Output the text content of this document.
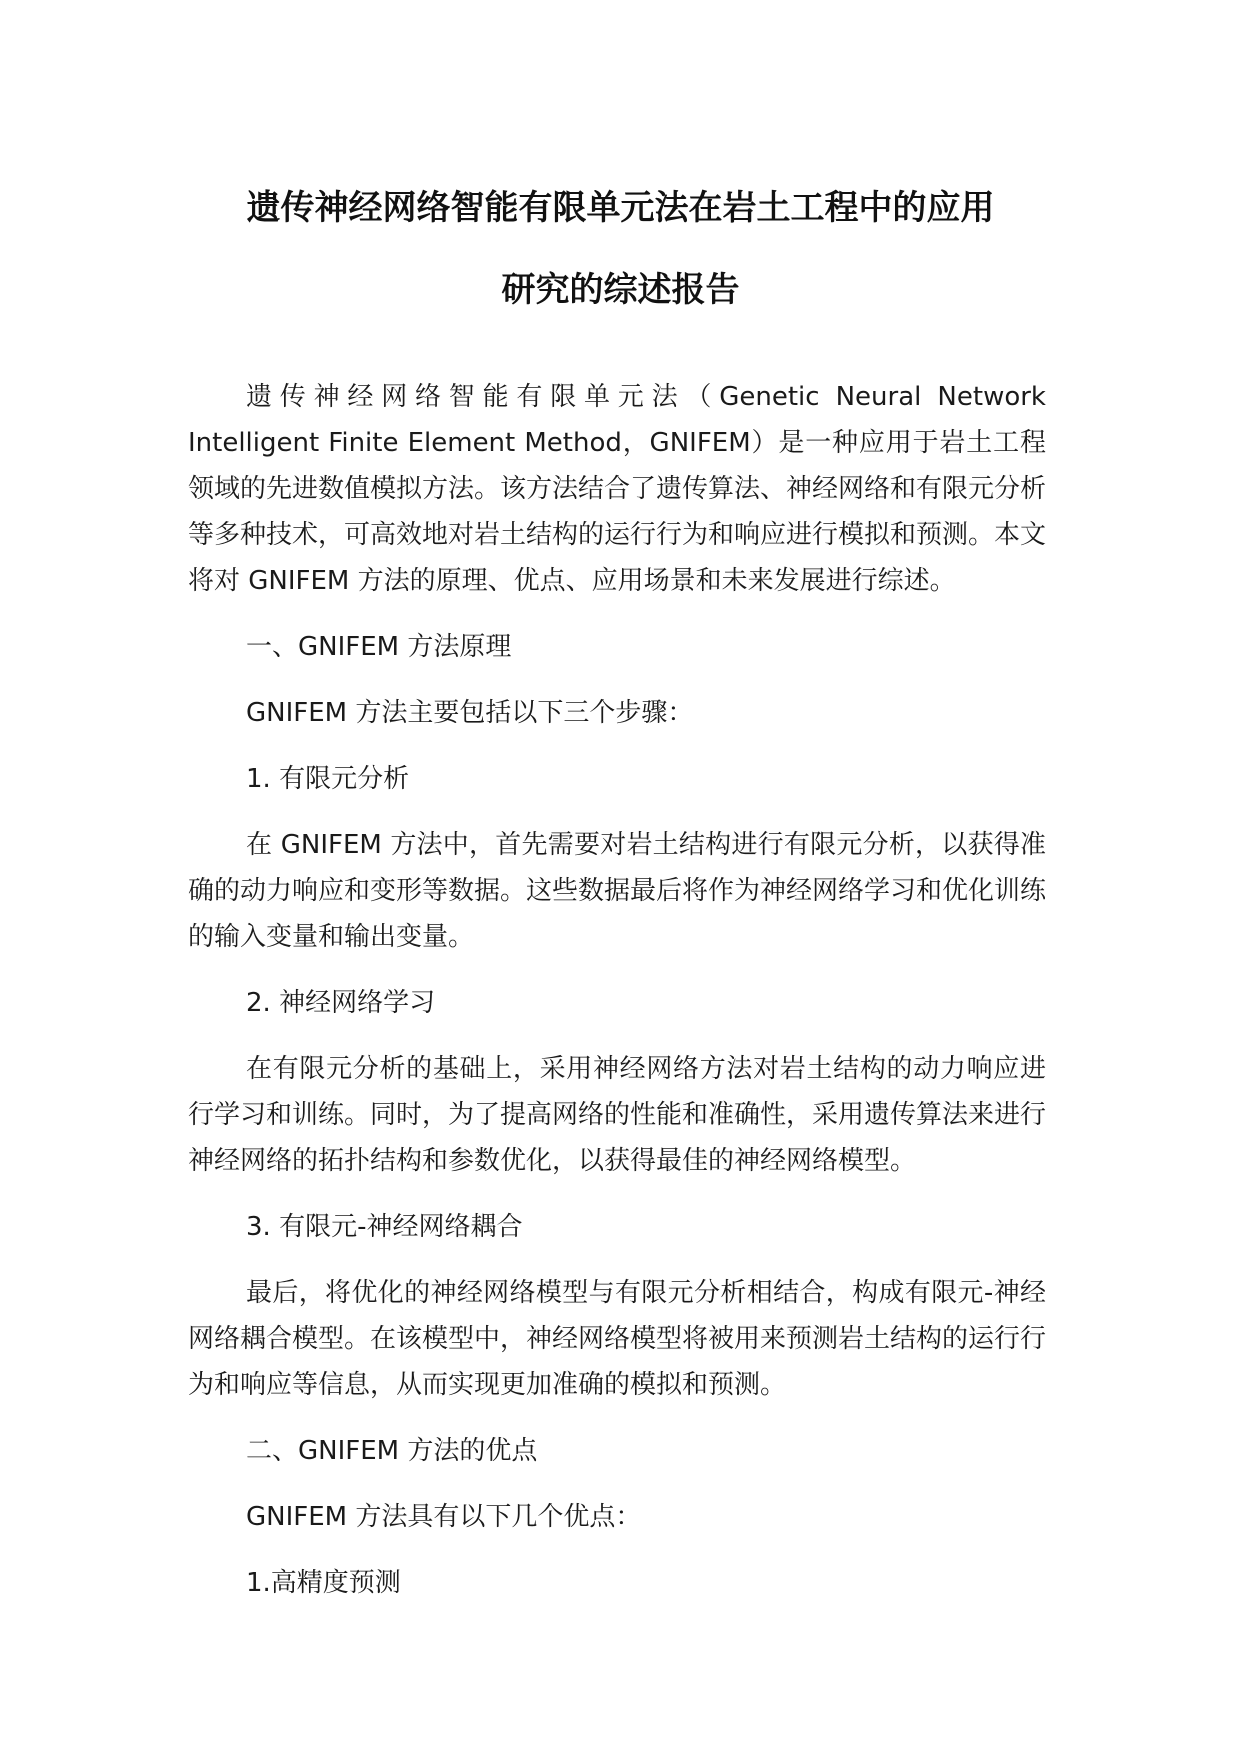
遗传神经网络智能有限单元法在岩土工程中的应用
研究的综述报告

遗传神经网络智能有限单元法（Genetic Neural Network Intelligent Finite Element Method，GNIFEM）是一种应用于岩土工程领域的先进数值模拟方法。该方法结合了遗传算法、神经网络和有限元分析等多种技术，可高效地对岩土结构的运行行为和响应进行模拟和预测。本文将对 GNIFEM 方法的原理、优点、应用场景和未来发展进行综述。

一、GNIFEM 方法原理

GNIFEM 方法主要包括以下三个步骤：

1. 有限元分析

在 GNIFEM 方法中，首先需要对岩土结构进行有限元分析，以获得准确的动力响应和变形等数据。这些数据最后将作为神经网络学习和优化训练的输入变量和输出变量。

2. 神经网络学习

在有限元分析的基础上，采用神经网络方法对岩土结构的动力响应进行学习和训练。同时，为了提高网络的性能和准确性，采用遗传算法来进行神经网络的拓扑结构和参数优化，以获得最佳的神经网络模型。

3. 有限元-神经网络耦合

最后，将优化的神经网络模型与有限元分析相结合，构成有限元-神经网络耦合模型。在该模型中，神经网络模型将被用来预测岩土结构的运行行为和响应等信息，从而实现更加准确的模拟和预测。

二、GNIFEM 方法的优点

GNIFEM 方法具有以下几个优点：

1.高精度预测
